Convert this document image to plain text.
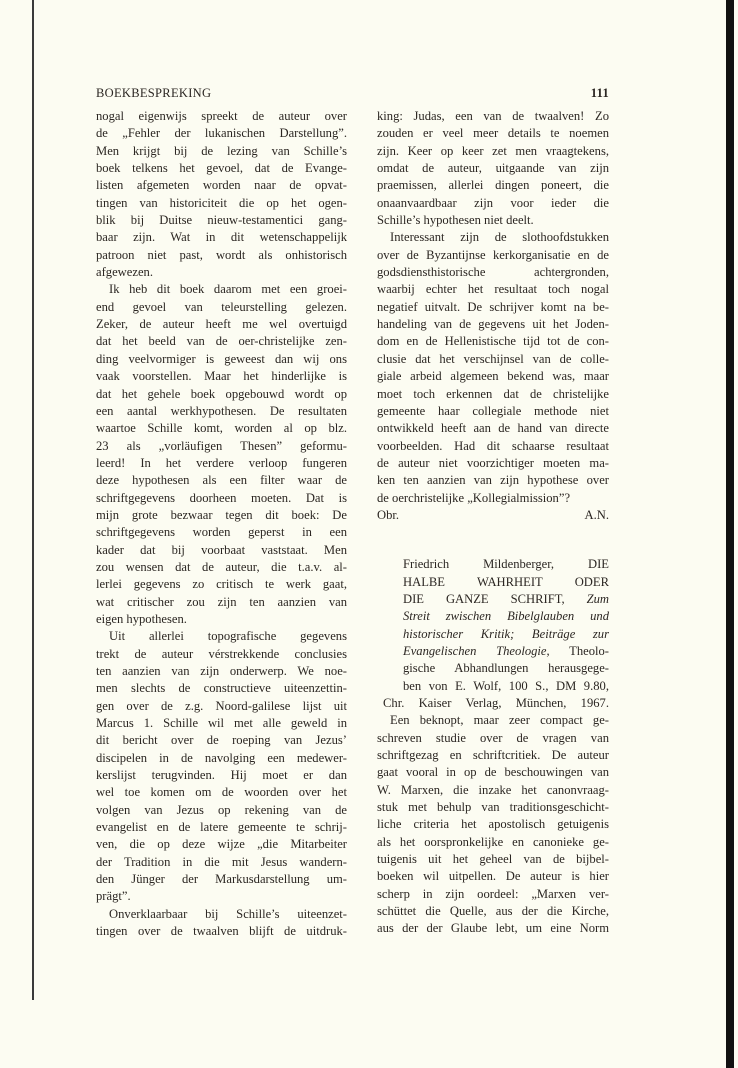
BOEKBESPREKING	111
nogal eigenwijs spreekt de auteur over
de „Fehler der lukanischen Darstellung”.
Men krijgt bij de lezing van Schille’s
boek telkens het gevoel, dat de Evange-
listen afgemeten worden naar de opvat-
tingen van historiciteit die op het ogen-
blik bij Duitse nieuw-testamentici gang-
baar zijn. Wat in dit wetenschappelijk
patroon niet past, wordt als onhistorisch
afgewezen.
Ik heb dit boek daarom met een groei-
end gevoel van teleurstelling gelezen.
Zeker, de auteur heeft me wel overtuigd
dat het beeld van de oer-christelijke zen-
ding veelvormiger is geweest dan wij ons
vaak voorstellen. Maar het hinderlijke is
dat het gehele boek opgebouwd wordt op
een aantal werkhypothesen. De resultaten
waartoe Schille komt, worden al op blz.
23 als „vorläufigen Thesen” geformu-
leerd! In het verdere verloop fungeren
deze hypothesen als een filter waar de
schriftgegevens doorheen moeten. Dat is
mijn grote bezwaar tegen dit boek: De
schriftgegevens worden geperst in een
kader dat bij voorbaat vaststaat. Men
zou wensen dat de auteur, die t.a.v. al-
lerlei gegevens zo critisch te werk gaat,
wat critischer zou zijn ten aanzien van
eigen hypothesen.
Uit allerlei topografische gegevens
trekt de auteur vérstrekkende conclusies
ten aanzien van zijn onderwerp. We noe-
men slechts de constructieve uiteenzettin-
gen over de z.g. Noord-galilese lijst uit
Marcus 1. Schille wil met alle geweld in
dit bericht over de roeping van Jezus’
discipelen in de navolging een medewer-
kerslijst terugvinden. Hij moet er dan
wel toe komen om de woorden over het
volgen van Jezus op rekening van de
evangelist en de latere gemeente te schrij-
ven, die op deze wijze „die Mitarbeiter
der Tradition in die mit Jesus wandern-
den Jünger der Markusdarstellung um-
prägt”.
Onverklaarbaar bij Schille’s uiteenzet-
tingen over de twaalven blijft de uitdruk-
king: Judas, een van de twaalven! Zo
zouden er veel meer details te noemen
zijn. Keer op keer zet men vraagtekens,
omdat de auteur, uitgaande van zijn
praemissen, allerlei dingen poneert, die
onaanvaardbaar zijn voor ieder die
Schille’s hypothesen niet deelt.
Interessant zijn de slothoofdstukken
over de Byzantijnse kerkorganisatie en de
godsdiensthistorische achtergronden,
waarbij echter het resultaat toch nogal
negatief uitvalt. De schrijver komt na be-
handeling van de gegevens uit het Joden-
dom en de Hellenistische tijd tot de con-
clusie dat het verschijnsel van de colle-
giale arbeid algemeen bekend was, maar
moet toch erkennen dat de christelijke
gemeente haar collegiale methode niet
ontwikkeld heeft aan de hand van directe
voorbeelden. Had dit schaarse resultaat
de auteur niet voorzichtiger moeten ma-
ken ten aanzien van zijn hypothese over
de oerchristelijke „Kollegialmission”?
Obr.	A.N.
Friedrich Mildenberger, DIE
HALBE WAHRHEIT ODER
DIE GANZE SCHRIFT, Zum
Streit zwischen Bibelglauben und
historischer Kritik; Beiträge zur
Evangelischen Theologie, Theolo-
gische Abhandlungen herausgege-
ben von E. Wolf, 100 S., DM 9.80,
Chr. Kaiser Verlag, München, 1967.
Een beknopt, maar zeer compact ge-
schreven studie over de vragen van
schriftgezag en schriftcritiek. De auteur
gaat vooral in op de beschouwingen van
W. Marxen, die inzake het canonvraag-
stuk met behulp van traditionsgeschicht-
liche criteria het apostolisch getuigenis
als het oorspronkelijke en canonieke ge-
tuigenis uit het geheel van de bijbel-
boeken wil uitpellen. De auteur is hier
scherp in zijn oordeel: „Marxen ver-
schüttet die Quelle, aus der die Kirche,
aus der der Glaube lebt, um eine Norm
